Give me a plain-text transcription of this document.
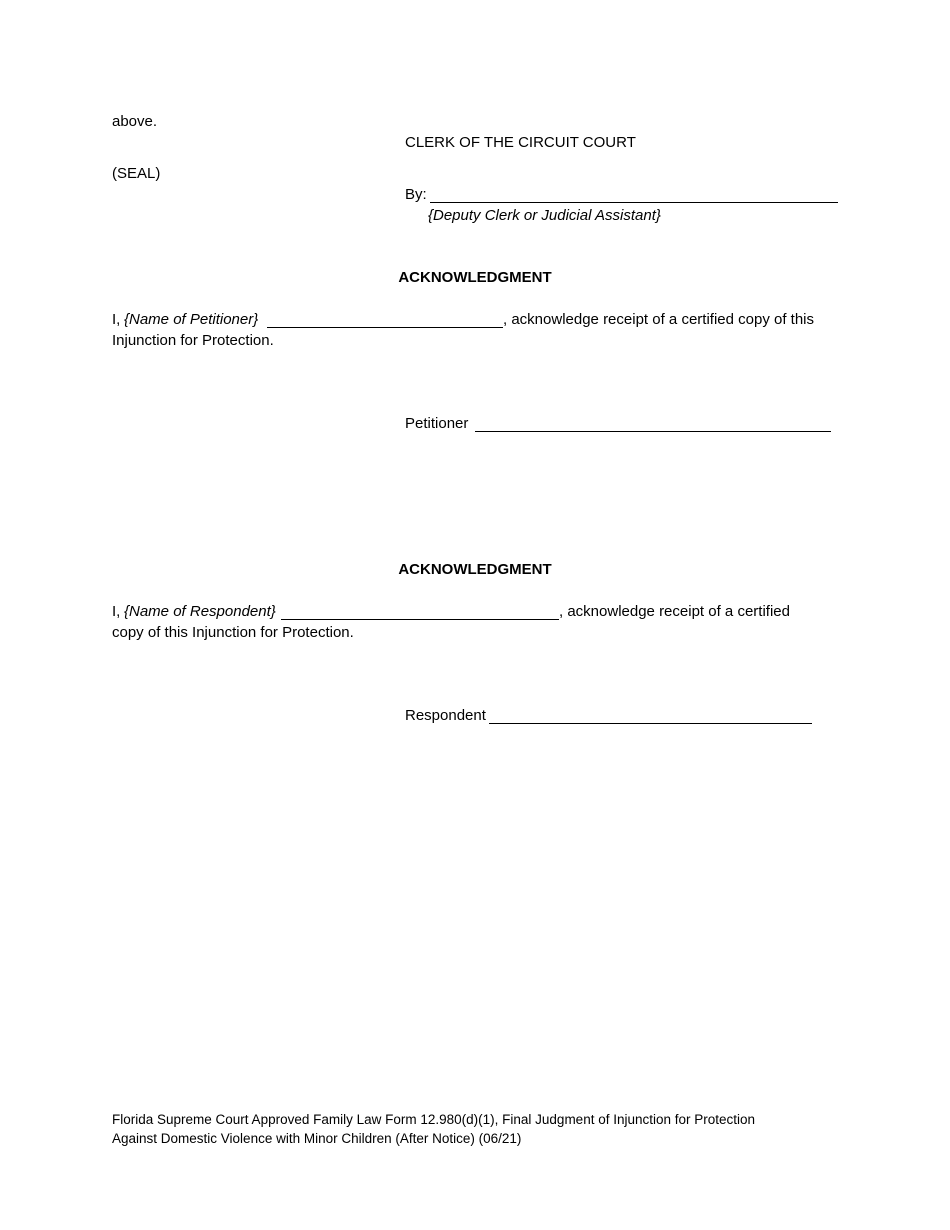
above.

CLERK OF THE CIRCUIT COURT

(SEAL)

By:

{Deputy Clerk or Judicial Assistant}

ACKNOWLEDGMENT

I, {Name of Petitioner}	, acknowledge receipt of a certified copy of this

Injunction for Protection.

Petitioner

ACKNOWLEDGMENT

I, {Name of Respondent}	, acknowledge receipt of a certified

copy of this Injunction for Protection.

Respondent

Florida Supreme Court Approved Family Law Form 12.980(d)(1), Final Judgment of Injunction for Protection

Against Domestic Violence with Minor Children (After Notice) (06/21)
